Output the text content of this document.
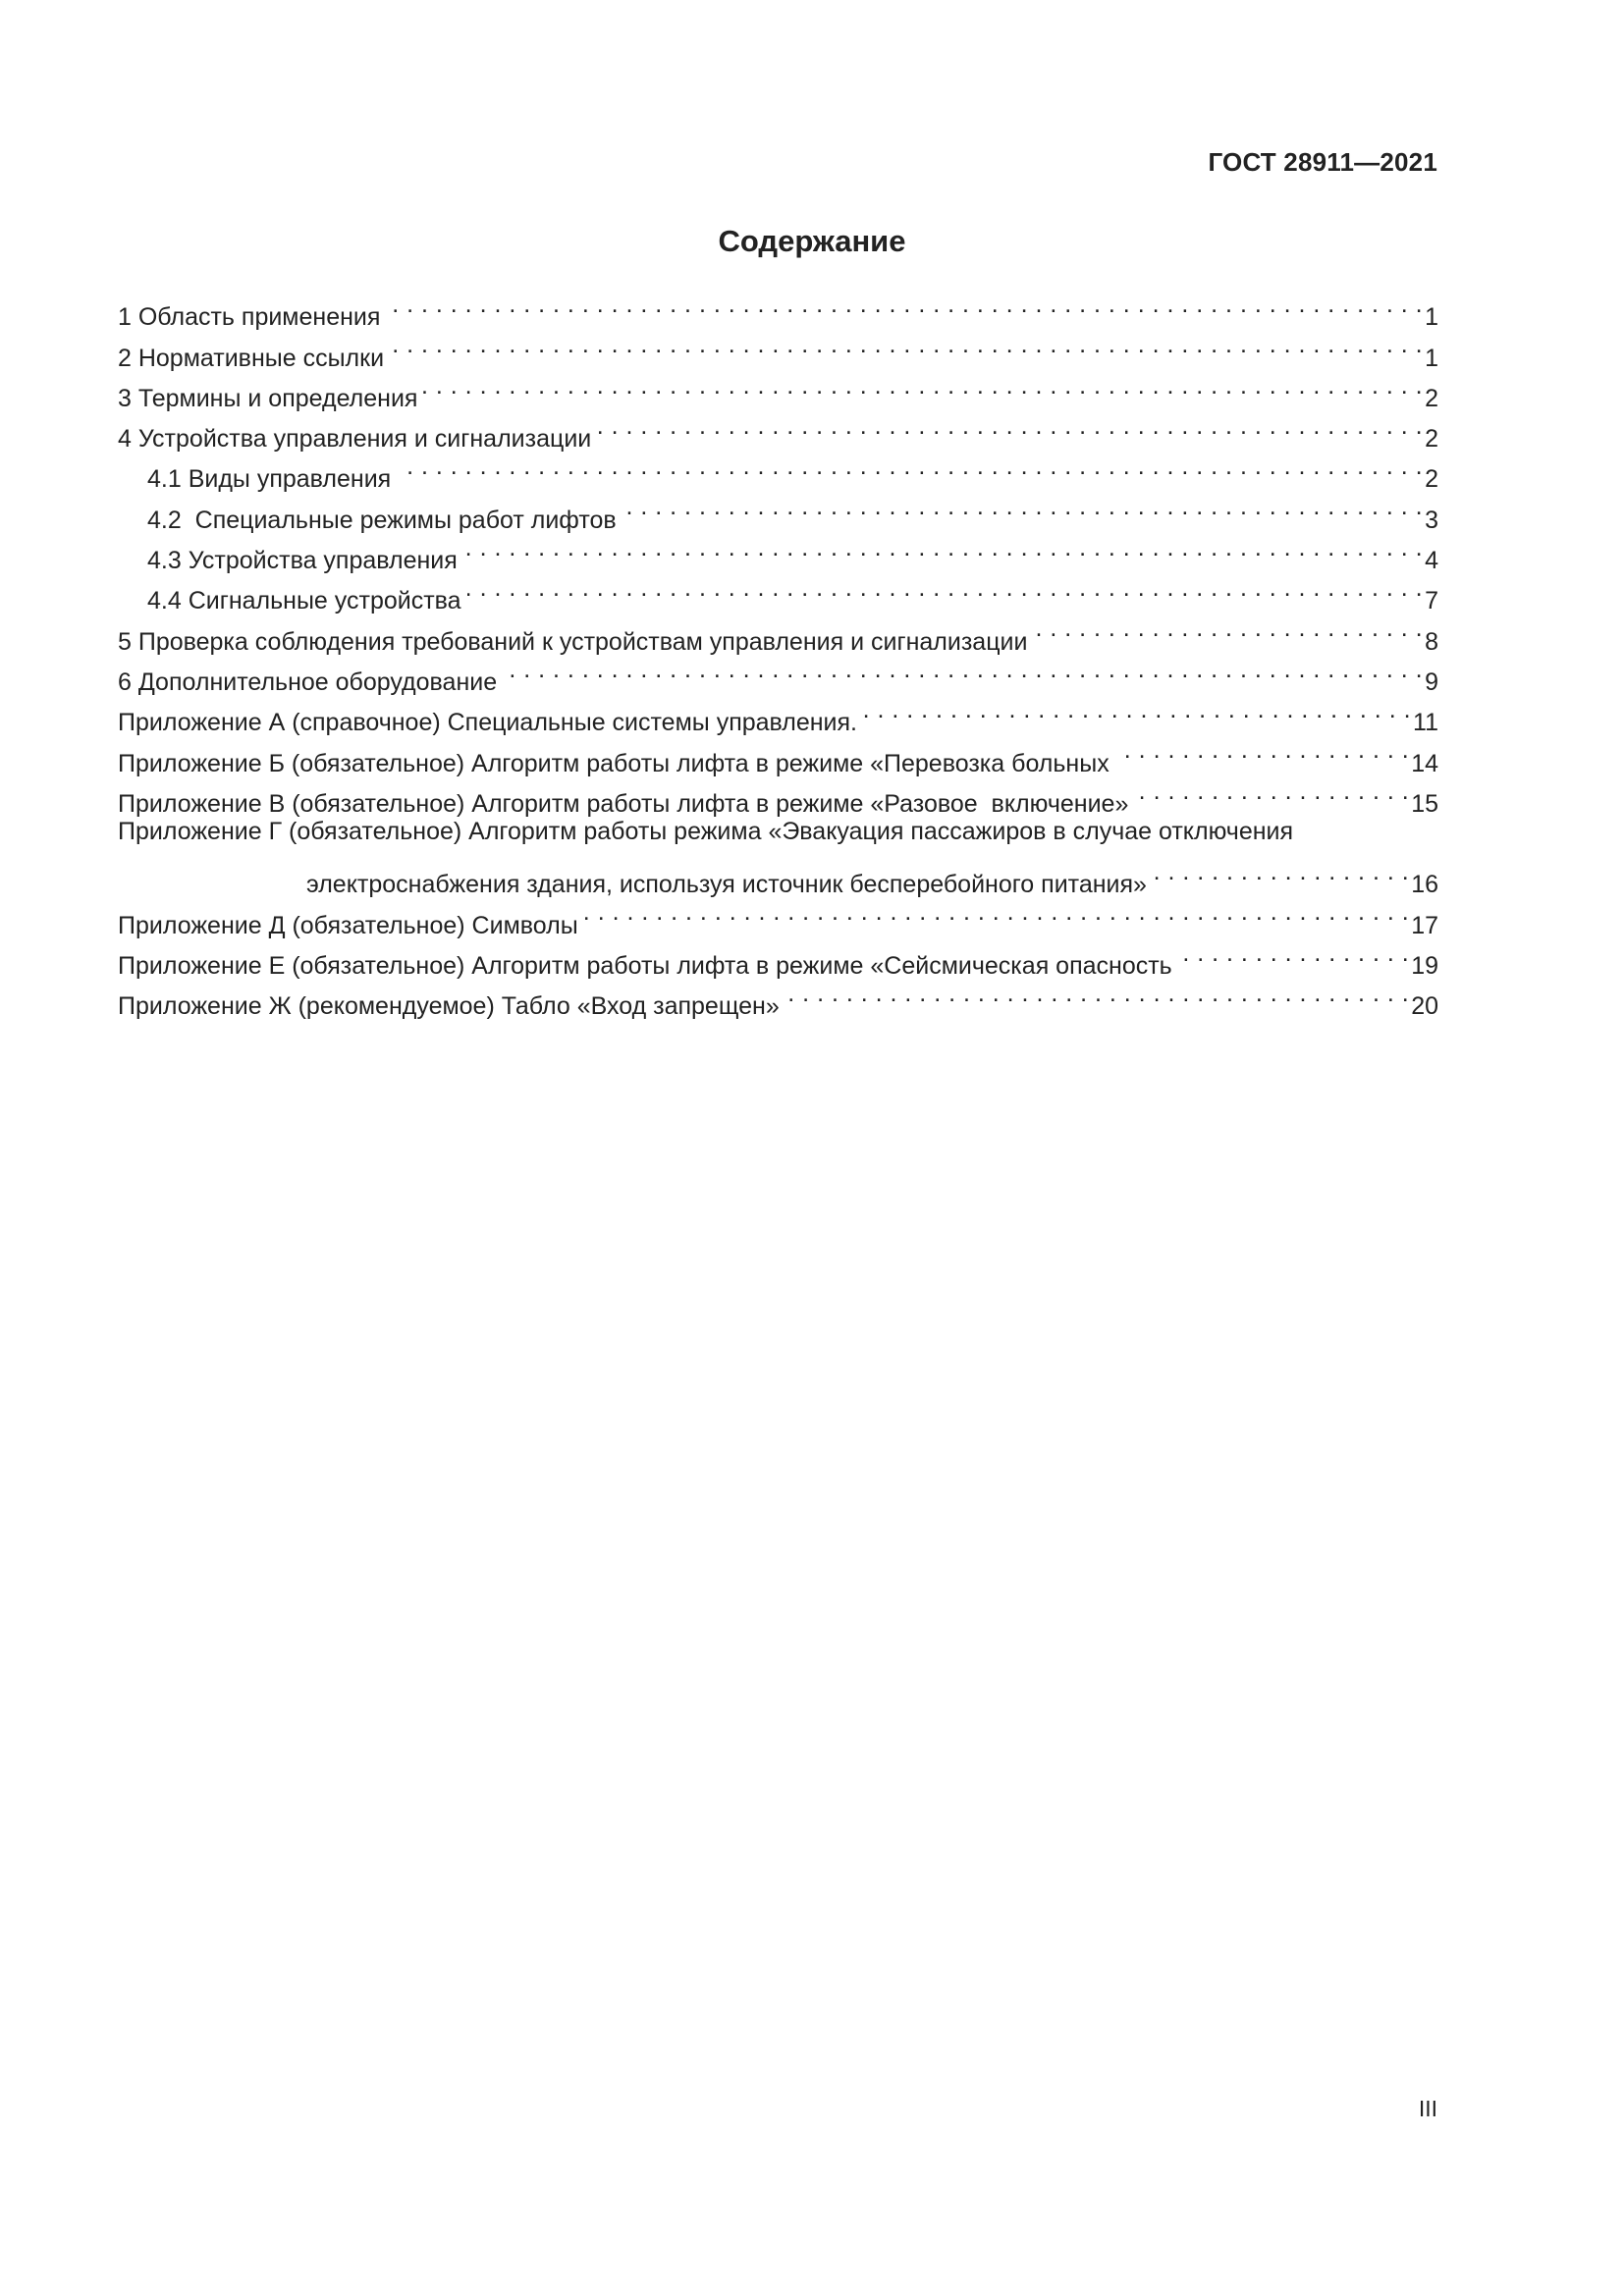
ГОСТ 28911—2021
Содержание
1 Область применения . . .	1
2 Нормативные ссылки . . .	1
3 Термины и определения . . .	2
4 Устройства управления и сигнализации . . .	2
4.1 Виды управления . . .	2
4.2  Специальные режимы работ лифтов . . .	3
4.3 Устройства управления . . .	4
4.4 Сигнальные устройства . . .	7
5 Проверка соблюдения требований к устройствам управления и сигнализации . . .	8
6 Дополнительное оборудование . . .	9
Приложение А (справочное) Специальные системы управления. . . .	11
Приложение Б (обязательное) Алгоритм работы лифта в режиме «Перевозка больных . . .	14
Приложение В (обязательное) Алгоритм работы лифта в режиме «Разовое  включение» . . .	15
Приложение Г (обязательное) Алгоритм работы режима «Эвакуация пассажиров в случае отключения
электроснабжения здания, используя источник бесперебойного питания» . . .	16
Приложение Д (обязательное) Символы . . .	17
Приложение Е (обязательное) Алгоритм работы лифта в режиме «Сейсмическая опасность . . .	19
Приложение Ж (рекомендуемое) Табло «Вход запрещен» . . .	20
III
